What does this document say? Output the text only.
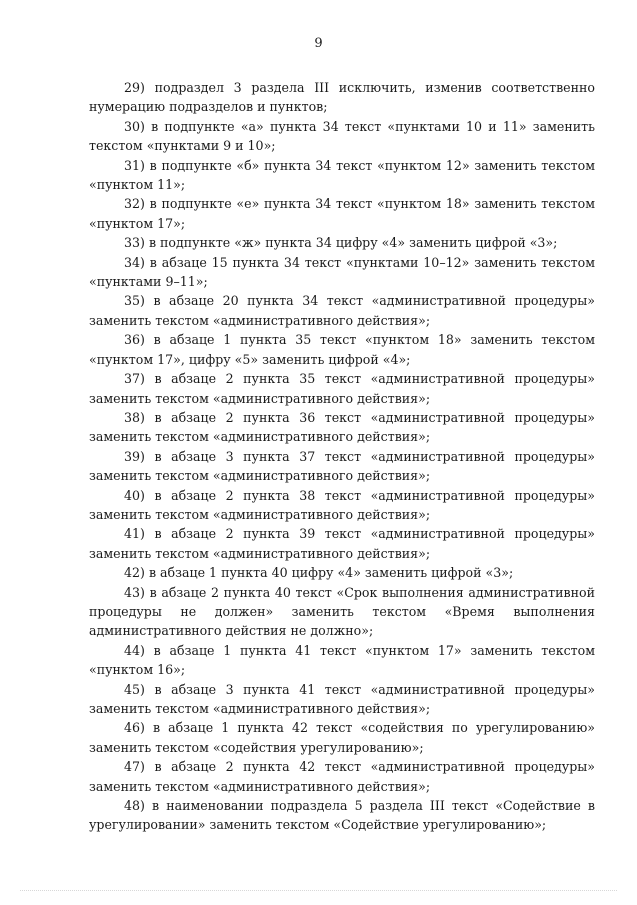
9

29) подраздел 3 раздела III исключить, изменив соответственно нумерацию подразделов и пунктов;

30) в подпункте «а» пункта 34 текст «пунктами 10 и 11» заменить текстом «пунктами 9 и 10»;

31) в подпункте «б» пункта 34 текст «пунктом 12» заменить текстом «пунктом 11»;

32) в подпункте «е» пункта 34 текст «пунктом 18» заменить текстом «пунктом 17»;

33) в подпункте «ж» пункта 34 цифру «4» заменить цифрой «3»;

34) в абзаце 15 пункта 34 текст «пунктами 10–12» заменить текстом «пунктами 9–11»;

35) в абзаце 20 пункта 34 текст «административной процедуры» заменить текстом «административного действия»;

36) в абзаце 1 пункта 35 текст «пунктом 18» заменить текстом «пунктом 17», цифру «5» заменить цифрой «4»;

37) в абзаце 2 пункта 35 текст «административной процедуры» заменить текстом «административного действия»;

38) в абзаце 2 пункта 36 текст «административной процедуры» заменить текстом «административного действия»;

39) в абзаце 3 пункта 37 текст «административной процедуры» заменить текстом «административного действия»;

40) в абзаце 2 пункта 38 текст «административной процедуры» заменить текстом «административного действия»;

41) в абзаце 2 пункта 39 текст «административной процедуры» заменить текстом «административного действия»;

42) в абзаце 1 пункта 40 цифру «4» заменить цифрой «3»;

43) в абзаце 2 пункта 40 текст «Срок выполнения административной процедуры не должен» заменить текстом «Время выполнения административного действия не должно»;

44) в абзаце 1 пункта 41 текст «пунктом 17» заменить текстом «пунктом 16»;

45) в абзаце 3 пункта 41 текст «административной процедуры» заменить текстом «административного действия»;

46) в абзаце 1 пункта 42 текст «содействия по урегулированию» заменить текстом «содействия урегулированию»;

47) в абзаце 2 пункта 42 текст «административной процедуры» заменить текстом «административного действия»;

48) в наименовании подраздела 5 раздела III текст «Содействие в урегулировании» заменить текстом «Содействие урегулированию»;
